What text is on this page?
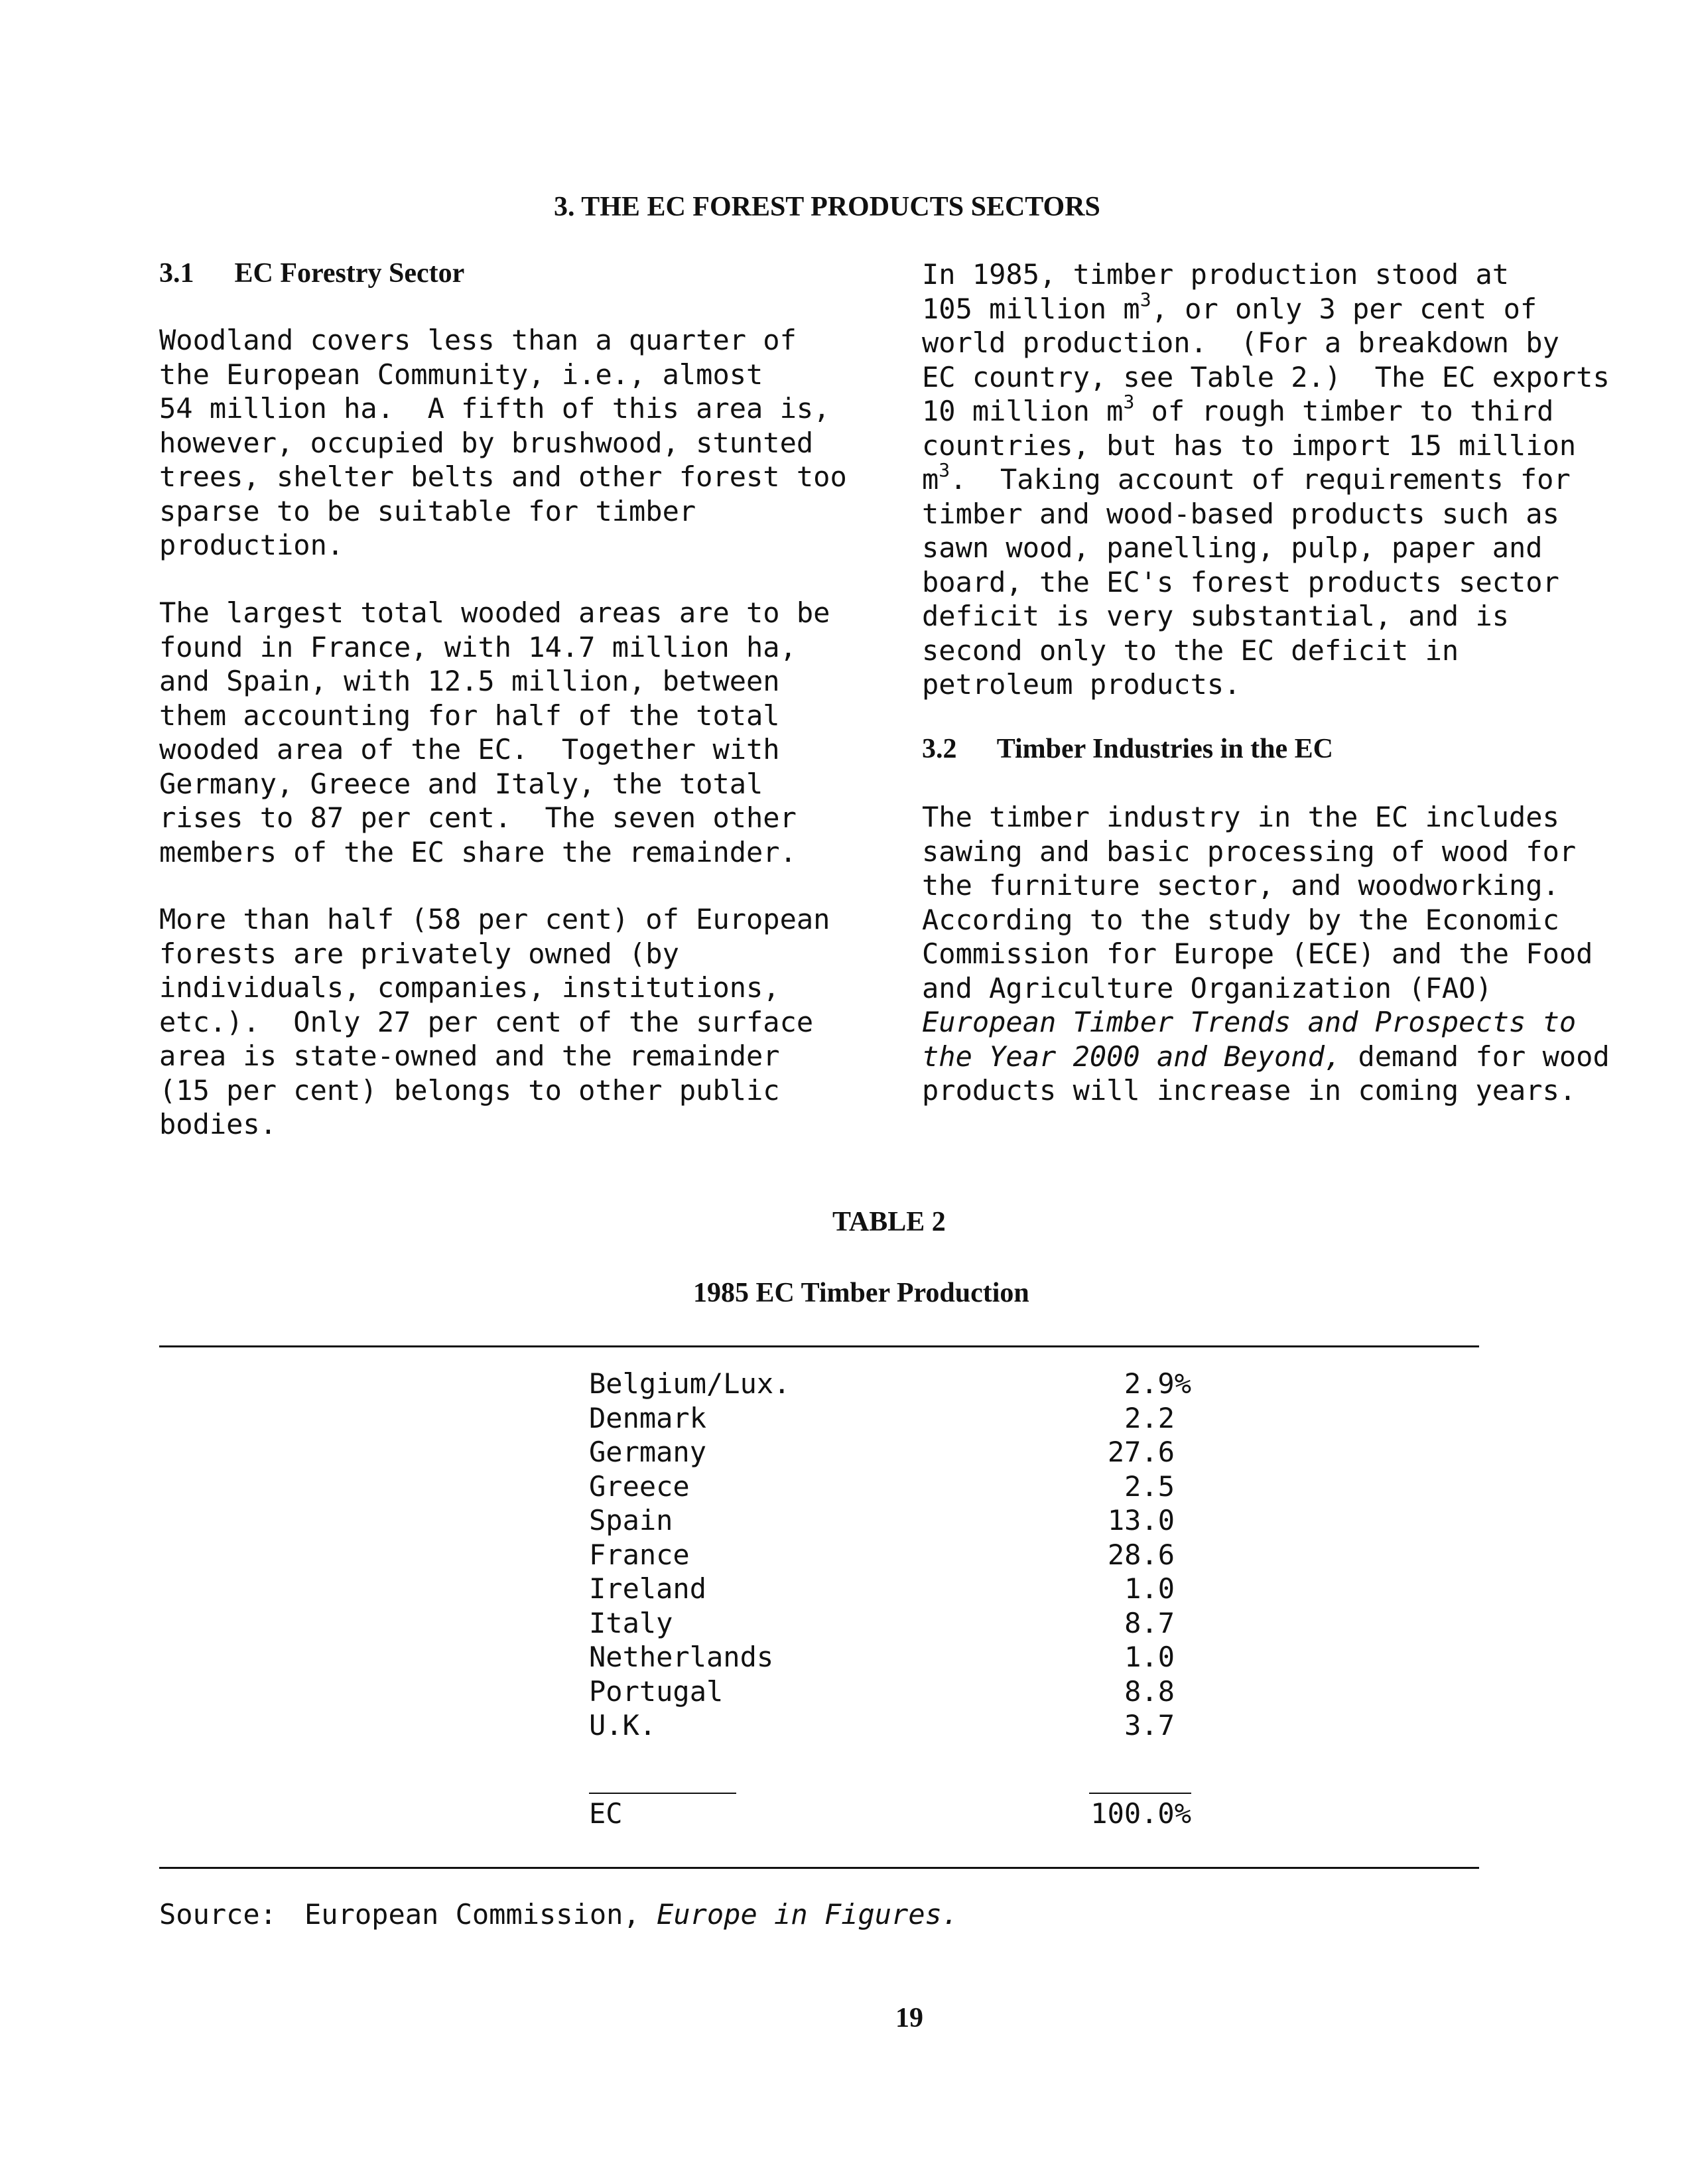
3. THE EC FOREST PRODUCTS SECTORS
3.1 EC Forestry Sector

Woodland covers less than a quarter of

the European Community, i.e., almost

54 million ha.  A fifth of this area is,

however, occupied by brushwood, stunted

trees, shelter belts and other forest too

sparse to be suitable for timber

production.

The largest total wooded areas are to be

found in France, with 14.7 million ha,

and Spain, with 12.5 million, between

them accounting for half of the total

wooded area of the EC.  Together with

Germany, Greece and Italy, the total

rises to 87 per cent.  The seven other

members of the EC share the remainder.

More than half (58 per cent) of European

forests are privately owned (by

individuals, companies, institutions,

etc.).  Only 27 per cent of the surface

area is state-owned and the remainder

(15 per cent) belongs to other public

bodies.

In 1985, timber production stood at

105 million $m^3$, or only 3 per cent of

world production.  (For a breakdown by

EC country, see Table 2.)  The EC exports

10 million $m^3$ of rough timber to third

countries, but has to import 15 million

$m^3$.  Taking account of requirements for

timber and wood-based products such as

sawn wood, panelling, pulp, paper and

board, the EC's forest products sector

deficit is very substantial, and is

second only to the EC deficit in

petroleum products.

3.2 Timber Industries in the EC

The timber industry in the EC includes

sawing and basic processing of wood for

the furniture sector, and woodworking.

According to the study by the Economic

Commission for Europe (ECE) and the Food

and Agriculture Organization (FAO)

European Timber Trends and Prospects to

the Year 2000 and Beyond, demand for wood

products will increase in coming years.

TABLE 2
1985 EC Timber Production
Belgium/Lux.	2.9%
Denmark	2.2
Germany	27.6
Greece	2.5
Spain	13.0
France	28.6
Ireland	1.0
Italy	8.7
Netherlands	1.0
Portugal	8.8
U.K.	3.7
EC	100.0%
Source: European Commission, Europe in Figures.
19
